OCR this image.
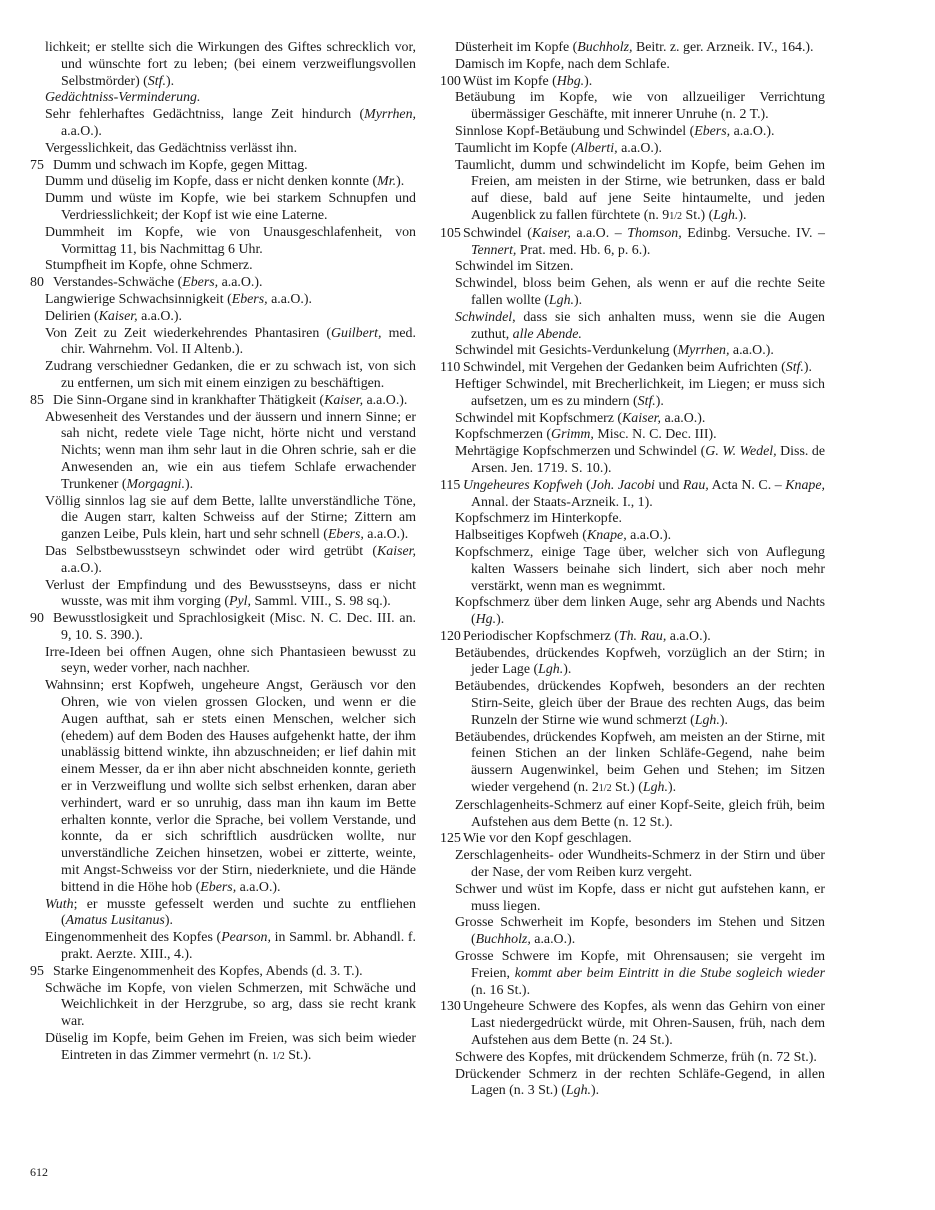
lichkeit; er stellte sich die Wirkungen des Giftes schrecklich vor, und wünschte fort zu leben; (bei einem verzweiflungsvollen Selbstmörder) (Stf.).
Gedächtniss-Verminderung.
Sehr fehlerhaftes Gedächtniss, lange Zeit hindurch (Myrrhen, a.a.O.).
Vergesslichkeit, das Gedächtniss verlässt ihn.
75 Dumm und schwach im Kopfe, gegen Mittag.
Dumm und düselig im Kopfe, dass er nicht denken konnte (Mr.).
Dumm und wüste im Kopfe, wie bei starkem Schnupfen und Verdriesslichkeit; der Kopf ist wie eine Laterne.
Dummheit im Kopfe, wie von Unausgeschlafenheit, von Vormittag 11, bis Nachmittag 6 Uhr.
Stumpfheit im Kopfe, ohne Schmerz.
80 Verstandes-Schwäche (Ebers, a.a.O.).
Langwierige Schwachsinnigkeit (Ebers, a.a.O.).
Delirien (Kaiser, a.a.O.).
Von Zeit zu Zeit wiederkehrendes Phantasiren (Guilbert, med. chir. Wahrnehm. Vol. II Altenb.).
Zudrang verschiedner Gedanken, die er zu schwach ist, von sich zu entfernen, um sich mit einem einzigen zu beschäftigen.
85 Die Sinn-Organe sind in krankhafter Thätigkeit (Kaiser, a.a.O.).
Abwesenheit des Verstandes und der äussern und innern Sinne; er sah nicht, redete viele Tage nicht, hörte nicht und verstand Nichts; wenn man ihm sehr laut in die Ohren schrie, sah er die Anwesenden an, wie ein aus tiefem Schlafe erwachender Trunkener (Morgagni.).
Völlig sinnlos lag sie auf dem Bette, lallte unverständliche Töne, die Augen starr, kalten Schweiss auf der Stirne; Zittern am ganzen Leibe, Puls klein, hart und sehr schnell (Ebers, a.a.O.).
Das Selbstbewusstseyn schwindet oder wird getrübt (Kaiser, a.a.O.).
Verlust der Empfindung und des Bewusstseyns, dass er nicht wusste, was mit ihm vorging (Pyl, Samml. VIII., S. 98 sq.).
90 Bewusstlosigkeit und Sprachlosigkeit (Misc. N. C. Dec. III. an. 9, 10. S. 390.).
Irre-Ideen bei offnen Augen, ohne sich Phantasieen bewusst zu seyn, weder vorher, nach nachher.
Wahnsinn; erst Kopfweh, ungeheure Angst, Geräusch vor den Ohren, wie von vielen grossen Glocken, und wenn er die Augen aufthat, sah er stets einen Menschen, welcher sich (ehedem) auf dem Boden des Hauses aufgehenkt hatte, der ihm unablässig bittend winkte, ihn abzuschneiden; er lief dahin mit einem Messer, da er ihn aber nicht abschneiden konnte, gerieth er in Verzweiflung und wollte sich selbst erhenken, daran aber verhindert, ward er so unruhig, dass man ihn kaum im Bette erhalten konnte, verlor die Sprache, bei vollem Verstande, und konnte, da er sich schriftlich ausdrücken wollte, nur unverständliche Zeichen hinsetzen, wobei er zitterte, weinte, mit Angst-Schweiss vor der Stirn, niederkniete, und die Hände bittend in die Höhe hob (Ebers, a.a.O.).
Wuth; er musste gefesselt werden und suchte zu entfliehen (Amatus Lusitanus).
Eingenommenheit des Kopfes (Pearson, in Samml. br. Abhandl. f. prakt. Aerzte. XIII., 4.).
95 Starke Eingenommenheit des Kopfes, Abends (d. 3. T.).
Schwäche im Kopfe, von vielen Schmerzen, mit Schwäche und Weichlichkeit in der Herzgrube, so arg, dass sie recht krank war.
Düselig im Kopfe, beim Gehen im Freien, was sich beim wieder Eintreten in das Zimmer vermehrt (n. 1/2 St.).
Düsterheit im Kopfe (Buchholz, Beitr. z. ger. Arzneik. IV., 164.).
Damisch im Kopfe, nach dem Schlafe.
100 Wüst im Kopfe (Hbg.).
Betäubung im Kopfe, wie von allzueiliger Verrichtung übermässiger Geschäfte, mit innerer Unruhe (n. 2 T.).
Sinnlose Kopf-Betäubung und Schwindel (Ebers, a.a.O.).
Taumlicht im Kopfe (Alberti, a.a.O.).
Taumlicht, dumm und schwindelicht im Kopfe, beim Gehen im Freien, am meisten in der Stirne, wie betrunken, dass er bald auf diese, bald auf jene Seite hintaumelte, und jeden Augenblick zu fallen fürchtete (n. 91/2 St.) (Lgh.).
105 Schwindel (Kaiser, a.a.O. – Thomson, Edinbg. Versuche. IV. – Tennert, Prat. med. Hb. 6, p. 6.).
Schwindel im Sitzen.
Schwindel, bloss beim Gehen, als wenn er auf die rechte Seite fallen wollte (Lgh.).
Schwindel, dass sie sich anhalten muss, wenn sie die Augen zuthut, alle Abende.
Schwindel mit Gesichts-Verdunkelung (Myrrhen, a.a.O.).
110 Schwindel, mit Vergehen der Gedanken beim Aufrichten (Stf.).
Heftiger Schwindel, mit Brecherlichkeit, im Liegen; er muss sich aufsetzen, um es zu mindern (Stf.).
Schwindel mit Kopfschmerz (Kaiser, a.a.O.).
Kopfschmerzen (Grimm, Misc. N. C. Dec. III).
Mehrtägige Kopfschmerzen und Schwindel (G. W. Wedel, Diss. de Arsen. Jen. 1719. S. 10.).
115 Ungeheures Kopfweh (Joh. Jacobi und Rau, Acta N. C. – Knape, Annal. der Staats-Arzneik. I., 1).
Kopfschmerz im Hinterkopfe.
Halbseitiges Kopfweh (Knape, a.a.O.).
Kopfschmerz, einige Tage über, welcher sich von Auflegung kalten Wassers beinahe sich lindert, sich aber noch mehr verstärkt, wenn man es wegnimmt.
Kopfschmerz über dem linken Auge, sehr arg Abends und Nachts (Hg.).
120 Periodischer Kopfschmerz (Th. Rau, a.a.O.).
Betäubendes, drückendes Kopfweh, vorzüglich an der Stirn; in jeder Lage (Lgh.).
Betäubendes, drückendes Kopfweh, besonders an der rechten Stirn-Seite, gleich über der Braue des rechten Augs, das beim Runzeln der Stirne wie wund schmerzt (Lgh.).
Betäubendes, drückendes Kopfweh, am meisten an der Stirne, mit feinen Stichen an der linken Schläfe-Gegend, nahe beim äussern Augenwinkel, beim Gehen und Stehen; im Sitzen wieder vergehend (n. 21/2 St.) (Lgh.).
Zerschlagenheits-Schmerz auf einer Kopf-Seite, gleich früh, beim Aufstehen aus dem Bette (n. 12 St.).
125 Wie vor den Kopf geschlagen.
Zerschlagenheits- oder Wundheits-Schmerz in der Stirn und über der Nase, der vom Reiben kurz vergeht.
Schwer und wüst im Kopfe, dass er nicht gut aufstehen kann, er muss liegen.
Grosse Schwerheit im Kopfe, besonders im Stehen und Sitzen (Buchholz, a.a.O.).
Grosse Schwere im Kopfe, mit Ohrensausen; sie vergeht im Freien, kommt aber beim Eintritt in die Stube sogleich wieder (n. 16 St.).
130 Ungeheure Schwere des Kopfes, als wenn das Gehirn von einer Last niedergedrückt würde, mit Ohren-Sausen, früh, nach dem Aufstehen aus dem Bette (n. 24 St.).
Schwere des Kopfes, mit drückendem Schmerze, früh (n. 72 St.).
Drückender Schmerz in der rechten Schläfe-Gegend, in allen Lagen (n. 3 St.) (Lgh.).
612
